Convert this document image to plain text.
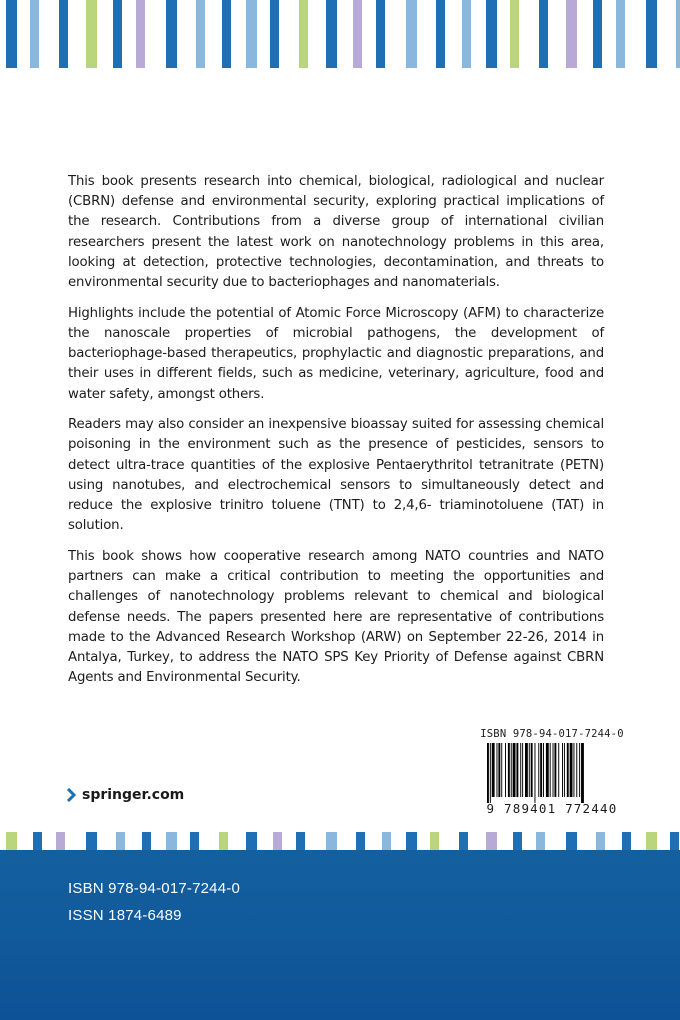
This book presents research into chemical, biological, radiological and nuclear (CBRN) defense and environmental security, exploring practical implications of the research. Contributions from a diverse group of international civilian researchers present the latest work on nanotechnology problems in this area, looking at detection, protective technologies, decontamination, and threats to environmental security due to bacteriophages and nanomaterials.

Highlights include the potential of Atomic Force Microscopy (AFM) to characterize the nanoscale properties of microbial pathogens, the development of bacteriophage-based therapeutics, prophylactic and diagnostic preparations, and their uses in different fields, such as medicine, veterinary, agriculture, food and water safety, amongst others.

Readers may also consider an inexpensive bioassay suited for assessing chemical poisoning in the environment such as the presence of pesticides, sensors to detect ultra-trace quantities of the explosive Pentaerythritol tetranitrate (PETN) using nanotubes, and electrochemical sensors to simultaneously detect and reduce the explosive trinitro toluene (TNT) to 2,4,6- triaminotoluene (TAT) in solution.

This book shows how cooperative research among NATO countries and NATO partners can make a critical contribution to meeting the opportunities and challenges of nanotechnology problems relevant to chemical and biological defense needs. The papers presented here are representative of contributions made to the Advanced Research Workshop (ARW) on September 22-26, 2014 in Antalya, Turkey, to address the NATO SPS Key Priority of Defense against CBRN Agents and Environmental Security.

springer.com
ISBN 978-94-017-7244-0
9 789401 772440
ISBN 978-94-017-7244-0
ISSN 1874-6489
